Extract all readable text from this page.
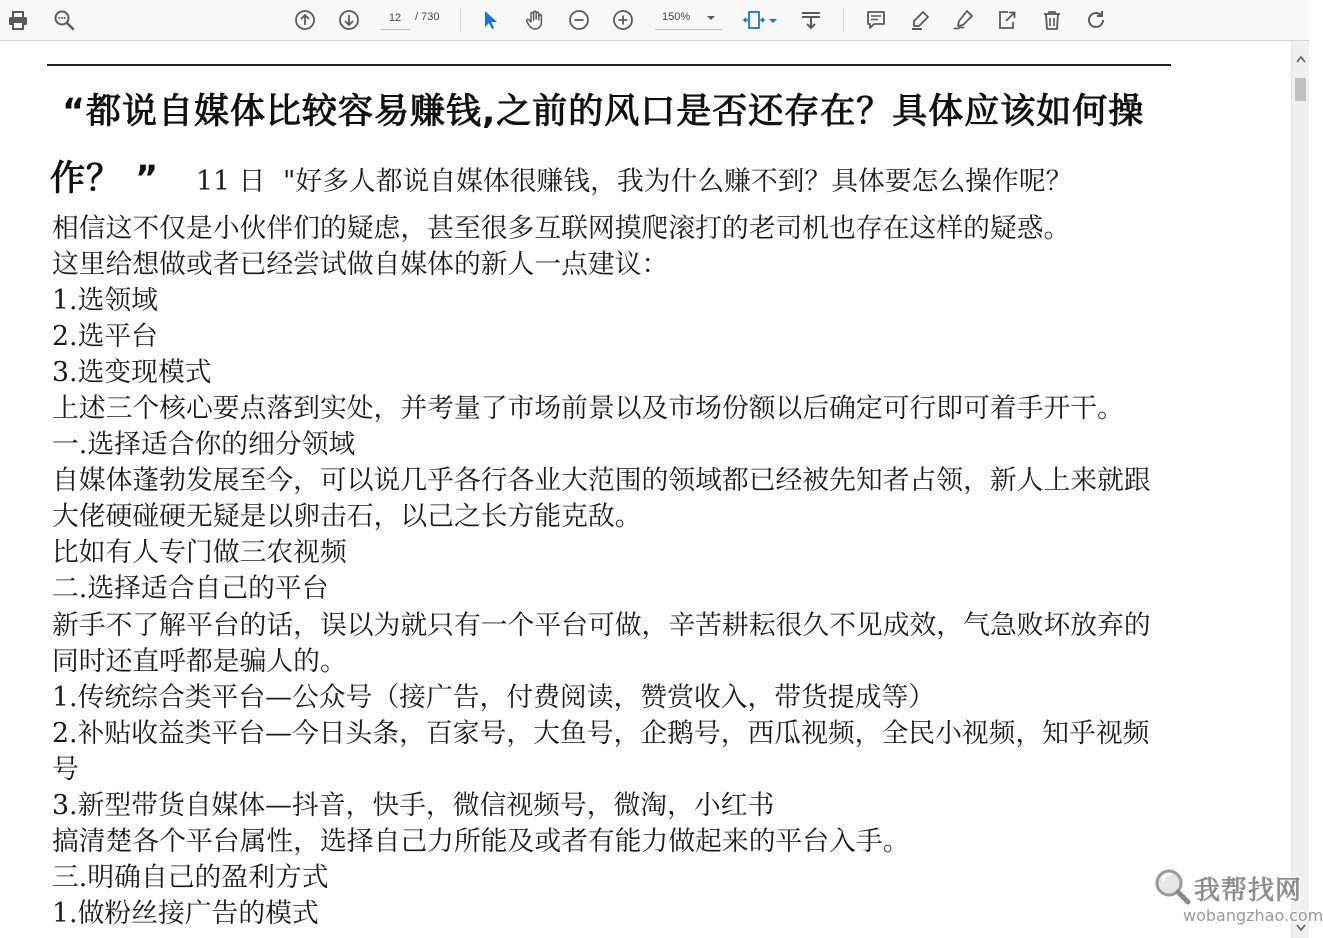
12
/ 730	150%
“都说自媒体比较容易赚钱,之前的风口是否还存在？具体应该如何操
作？ ” 11 日 "好多人都说自媒体很赚钱，我为什么赚不到？具体要怎么操作呢？
相信这不仅是小伙伴们的疑虑，甚至很多互联网摸爬滚打的老司机也存在这样的疑惑。
这里给想做或者已经尝试做自媒体的新人一点建议：
1.选领域
2.选平台
3.选变现模式
上述三个核心要点落到实处，并考量了市场前景以及市场份额以后确定可行即可着手开干。
一.选择适合你的细分领域
自媒体蓬勃发展至今，可以说几乎各行各业大范围的领域都已经被先知者占领，新人上来就跟
大佬硬碰硬无疑是以卵击石，以己之长方能克敌。
比如有人专门做三农视频
二.选择适合自己的平台
新手不了解平台的话，误以为就只有一个平台可做，辛苦耕耘很久不见成效，气急败坏放弃的
同时还直呼都是骗人的。
1.传统综合类平台—公众号（接广告，付费阅读，赞赏收入，带货提成等）
2.补贴收益类平台—今日头条，百家号，大鱼号，企鹅号，西瓜视频，全民小视频，知乎视频
号
3.新型带货自媒体—抖音，快手，微信视频号，微淘，小红书
搞清楚各个平台属性，选择自己力所能及或者有能力做起来的平台入手。
三.明确自己的盈利方式
1.做粉丝接广告的模式
我帮找网
wobangzhao.com
